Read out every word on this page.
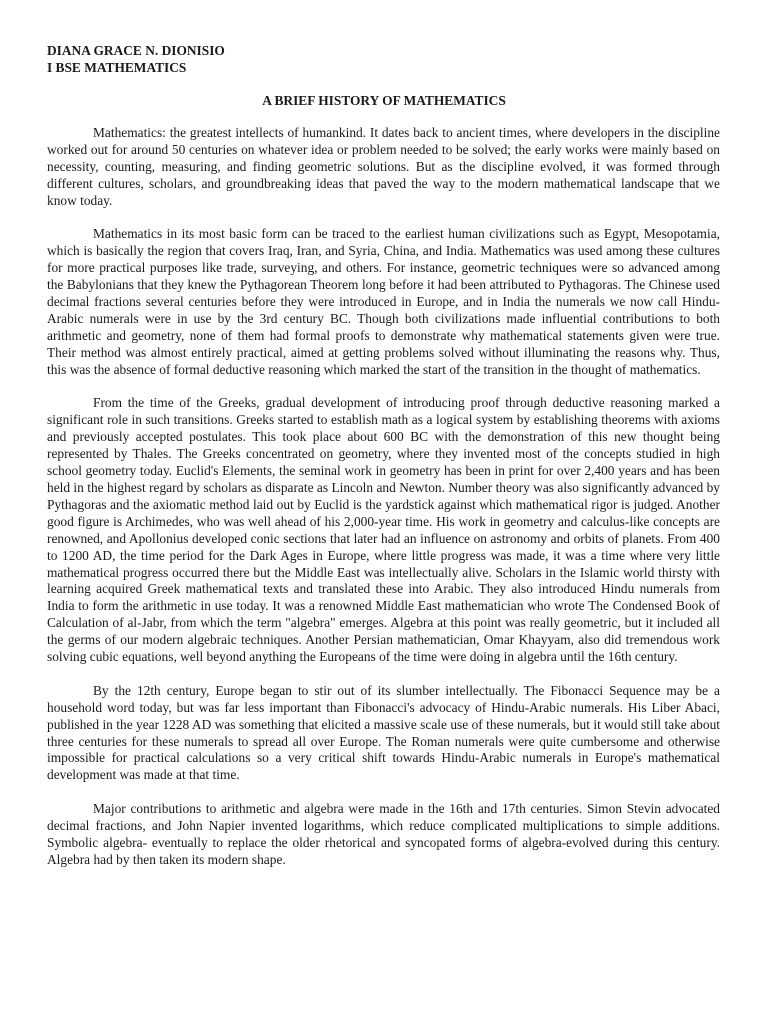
DIANA GRACE N. DIONISIO
I BSE MATHEMATICS
A BRIEF HISTORY OF MATHEMATICS

Mathematics: the greatest intellects of humankind. It dates back to ancient times, where developers in the discipline worked out for around 50 centuries on whatever idea or problem needed to be solved; the early works were mainly based on necessity, counting, measuring, and finding geometric solutions. But as the discipline evolved, it was formed through different cultures, scholars, and groundbreaking ideas that paved the way to the modern mathematical landscape that we know today.

Mathematics in its most basic form can be traced to the earliest human civilizations such as Egypt, Mesopotamia, which is basically the region that covers Iraq, Iran, and Syria, China, and India. Mathematics was used among these cultures for more practical purposes like trade, surveying, and others. For instance, geometric techniques were so advanced among the Babylonians that they knew the Pythagorean Theorem long before it had been attributed to Pythagoras. The Chinese used decimal fractions several centuries before they were introduced in Europe, and in India the numerals we now call Hindu-Arabic numerals were in use by the 3rd century BC. Though both civilizations made influential contributions to both arithmetic and geometry, none of them had formal proofs to demonstrate why mathematical statements given were true. Their method was almost entirely practical, aimed at getting problems solved without illuminating the reasons why. Thus, this was the absence of formal deductive reasoning which marked the start of the transition in the thought of mathematics.

From the time of the Greeks, gradual development of introducing proof through deductive reasoning marked a significant role in such transitions. Greeks started to establish math as a logical system by establishing theorems with axioms and previously accepted postulates. This took place about 600 BC with the demonstration of this new thought being represented by Thales. The Greeks concentrated on geometry, where they invented most of the concepts studied in high school geometry today. Euclid's Elements, the seminal work in geometry has been in print for over 2,400 years and has been held in the highest regard by scholars as disparate as Lincoln and Newton. Number theory was also significantly advanced by Pythagoras and the axiomatic method laid out by Euclid is the yardstick against which mathematical rigor is judged. Another good figure is Archimedes, who was well ahead of his 2,000-year time. His work in geometry and calculus-like concepts are renowned, and Apollonius developed conic sections that later had an influence on astronomy and orbits of planets. From 400 to 1200 AD, the time period for the Dark Ages in Europe, where little progress was made, it was a time where very little mathematical progress occurred there but the Middle East was intellectually alive. Scholars in the Islamic world thirsty with learning acquired Greek mathematical texts and translated these into Arabic. They also introduced Hindu numerals from India to form the arithmetic in use today. It was a renowned Middle East mathematician who wrote The Condensed Book of Calculation of al-Jabr, from which the term "algebra" emerges. Algebra at this point was really geometric, but it included all the germs of our modern algebraic techniques. Another Persian mathematician, Omar Khayyam, also did tremendous work solving cubic equations, well beyond anything the Europeans of the time were doing in algebra until the 16th century.

By the 12th century, Europe began to stir out of its slumber intellectually. The Fibonacci Sequence may be a household word today, but was far less important than Fibonacci's advocacy of Hindu-Arabic numerals. His Liber Abaci, published in the year 1228 AD was something that elicited a massive scale use of these numerals, but it would still take about three centuries for these numerals to spread all over Europe. The Roman numerals were quite cumbersome and otherwise impossible for practical calculations so a very critical shift towards Hindu-Arabic numerals in Europe's mathematical development was made at that time.

Major contributions to arithmetic and algebra were made in the 16th and 17th centuries. Simon Stevin advocated decimal fractions, and John Napier invented logarithms, which reduce complicated multiplications to simple additions. Symbolic algebra- eventually to replace the older rhetorical and syncopated forms of algebra-evolved during this century. Algebra had by then taken its modern shape.
